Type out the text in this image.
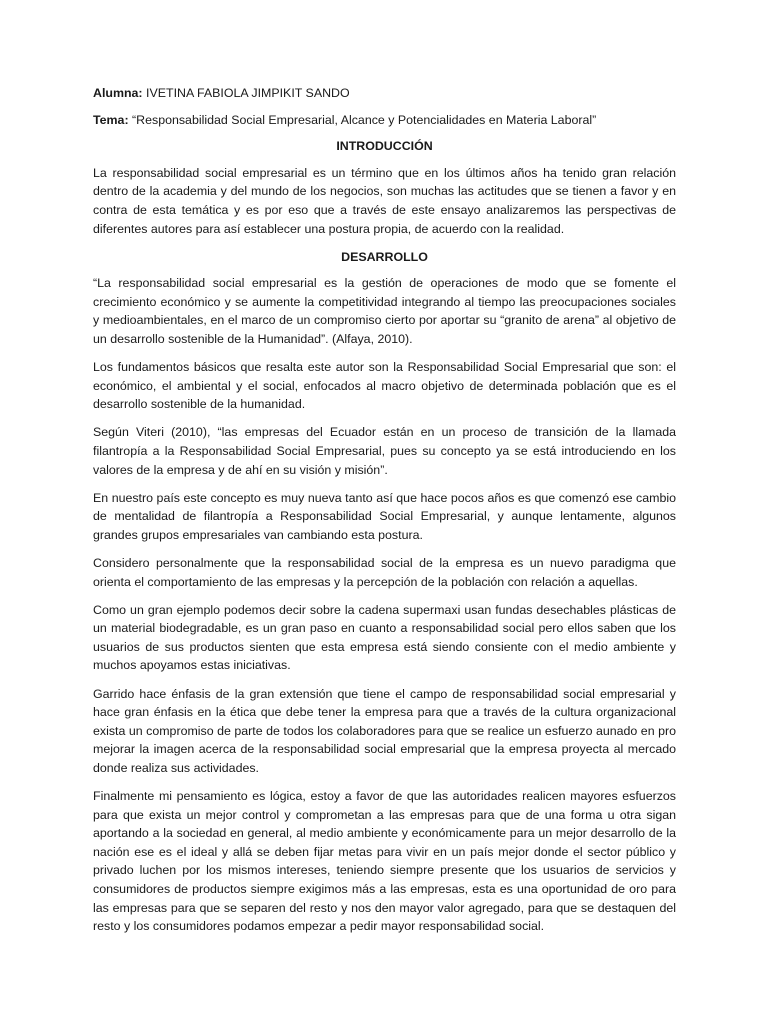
Alumna: IVETINA FABIOLA JIMPIKIT SANDO
Tema: “Responsabilidad Social Empresarial, Alcance y Potencialidades en Materia Laboral”
INTRODUCCIÓN

La responsabilidad social empresarial es un término que en los últimos años ha tenido gran relación dentro de la academia y del mundo de los negocios, son muchas las actitudes que se tienen a favor y en contra de esta temática y es por eso que a través de este ensayo analizaremos las perspectivas de diferentes autores para así establecer una postura propia, de acuerdo con la realidad.

DESARROLLO

“La responsabilidad social empresarial es la gestión de operaciones de modo que se fomente el crecimiento económico y se aumente la competitividad integrando al tiempo las preocupaciones sociales y medioambientales, en el marco de un compromiso cierto por aportar su “granito de arena” al objetivo de un desarrollo sostenible de la Humanidad”. (Alfaya, 2010).

Los fundamentos básicos que resalta este autor son la Responsabilidad Social Empresarial que son: el económico, el ambiental y el social, enfocados al macro objetivo de determinada población que es el desarrollo sostenible de la humanidad.

Según Viteri (2010), “las empresas del Ecuador están en un proceso de transición de la llamada filantropía a la Responsabilidad Social Empresarial, pues su concepto ya se está introduciendo en los valores de la empresa y de ahí en su visión y misión”.

En nuestro país este concepto es muy nueva tanto así que hace pocos años es que comenzó ese cambio de mentalidad de filantropía a Responsabilidad Social Empresarial, y aunque lentamente, algunos grandes grupos empresariales van cambiando esta postura.

Considero personalmente que la responsabilidad social de la empresa es un nuevo paradigma que orienta el comportamiento de las empresas y la percepción de la población con relación a aquellas.

Como un gran ejemplo podemos decir sobre la cadena supermaxi usan fundas desechables plásticas de un material biodegradable, es un gran paso en cuanto a responsabilidad social pero ellos saben que los usuarios de sus productos sienten que esta empresa está siendo consiente con el medio ambiente y muchos apoyamos estas iniciativas.

Garrido hace énfasis de la gran extensión que tiene el campo de responsabilidad social empresarial y hace gran énfasis en la ética que debe tener la empresa para que a través de la cultura organizacional exista un compromiso de parte de todos los colaboradores para que se realice un esfuerzo aunado en pro mejorar la imagen acerca de la responsabilidad social empresarial que la empresa proyecta al mercado donde realiza sus actividades.

Finalmente mi pensamiento es lógica, estoy a favor de que las autoridades realicen mayores esfuerzos para que exista un mejor control y comprometan a las empresas para que de una forma u otra sigan aportando a la sociedad en general, al medio ambiente y económicamente para un mejor desarrollo de la nación ese es el ideal y allá se deben fijar metas para vivir en un país mejor donde el sector público y privado luchen por los mismos intereses, teniendo siempre presente que los usuarios de servicios y consumidores de productos siempre exigimos más a las empresas, esta es una oportunidad de oro para las empresas para que se separen del resto y nos den mayor valor agregado, para que se destaquen del resto y los consumidores podamos empezar a pedir mayor responsabilidad social.
